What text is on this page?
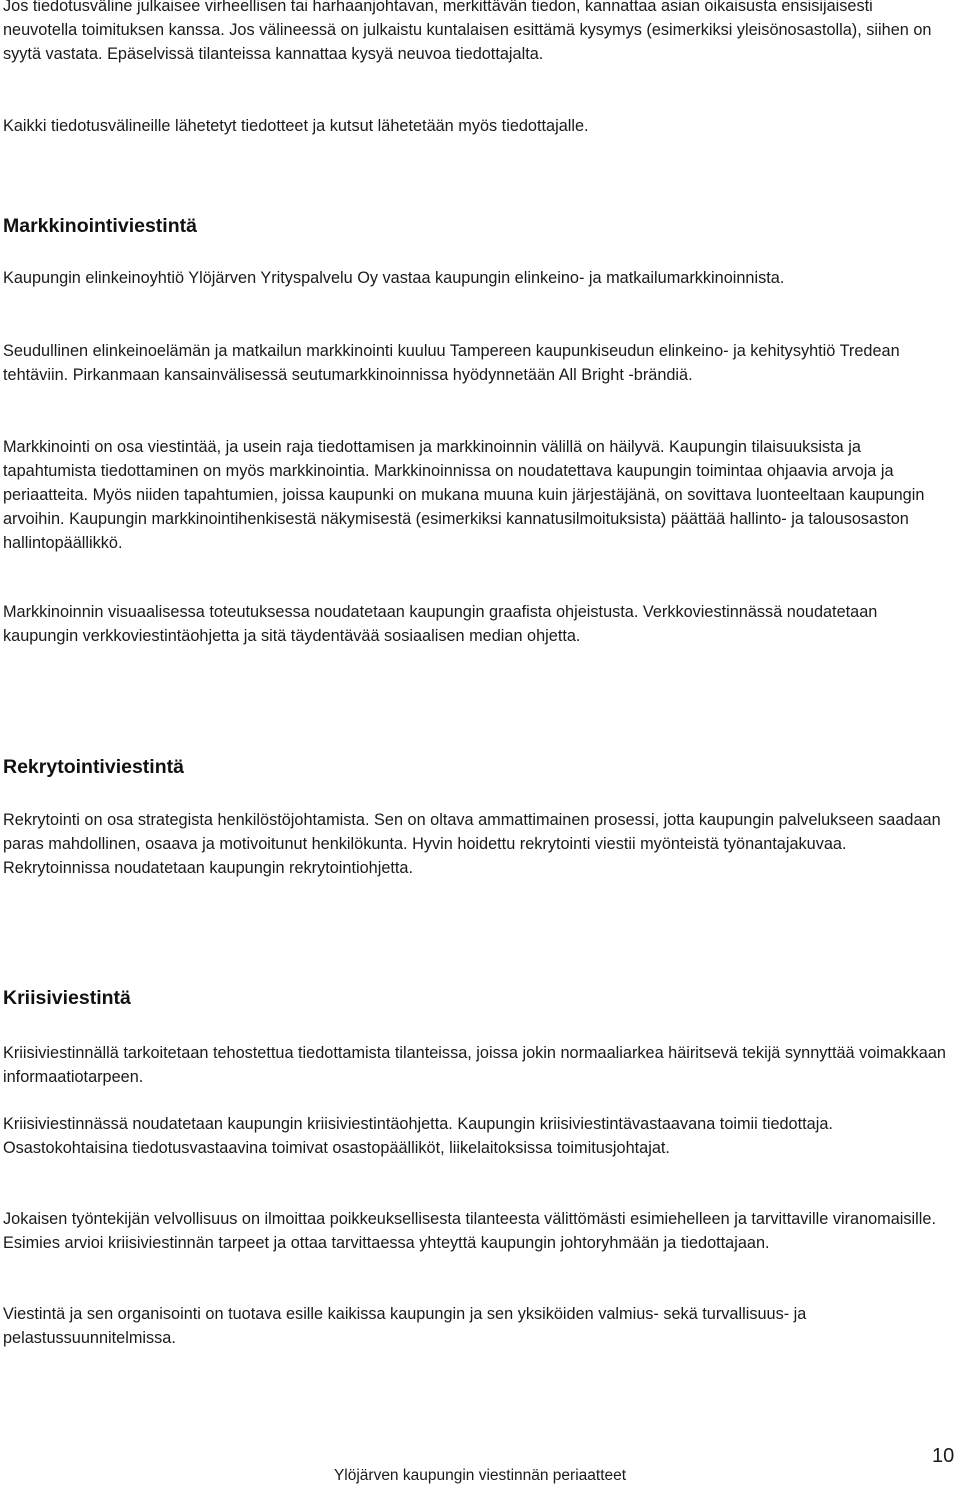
Jos tiedotusväline julkaisee virheellisen tai harhaanjohtavan, merkittävän tiedon, kannattaa asian oikaisusta ensisijaisesti neuvotella toimituksen kanssa. Jos välineessä on julkaistu kuntalaisen esittämä kysymys (esimerkiksi yleisönosastolla), siihen on syytä vastata. Epäselvissä tilanteissa kannattaa kysyä neuvoa tiedottajalta.

Kaikki tiedotusvälineille lähetetyt tiedotteet ja kutsut lähetetään myös tiedottajalle.

Markkinointiviestintä

Kaupungin elinkeinoyhtiö Ylöjärven Yrityspalvelu Oy vastaa kaupungin elinkeino- ja matkailumarkkinoinnista.

Seudullinen elinkeinoelämän ja matkailun markkinointi kuuluu Tampereen kaupunkiseudun elinkeino- ja kehitysyhtiö Tredean tehtäviin. Pirkanmaan kansainvälisessä seutumarkkinoinnissa hyödynnetään All Bright -brändiä.

Markkinointi on osa viestintää, ja usein raja tiedottamisen ja markkinoinnin välillä on häilyvä. Kaupungin tilaisuuksista ja tapahtumista tiedottaminen on myös markkinointia. Markkinoinnissa on noudatettava kaupungin toimintaa ohjaavia arvoja ja periaatteita. Myös niiden tapahtumien, joissa kaupunki on mukana muuna kuin järjestäjänä, on sovittava luonteeltaan kaupungin arvoihin. Kaupungin markkinointihenkisestä näkymisestä (esimerkiksi kannatusilmoituksista) päättää hallinto- ja talousosaston hallintopäällikkö.

Markkinoinnin visuaalisessa toteutuksessa noudatetaan kaupungin graafista ohjeistusta. Verkkoviestinnässä noudatetaan kaupungin verkkoviestintäohjetta ja sitä täydentävää sosiaalisen median ohjetta.

Rekrytointiviestintä

Rekrytointi on osa strategista henkilöstöjohtamista. Sen on oltava ammattimainen prosessi, jotta kaupungin palvelukseen saadaan paras mahdollinen, osaava ja motivoitunut henkilökunta. Hyvin hoidettu rekrytointi viestii myönteistä työnantajakuvaa. Rekrytoinnissa noudatetaan kaupungin rekrytointiohjetta.

Kriisiviestintä

Kriisiviestinnällä tarkoitetaan tehostettua tiedottamista tilanteissa, joissa jokin normaaliarkea häiritsevä tekijä synnyttää voimakkaan informaatiotarpeen.

Kriisiviestinnässä noudatetaan kaupungin kriisiviestintäohjetta. Kaupungin kriisiviestintävastaavana toimii tiedottaja. Osastokohtaisina tiedotusvastaavina toimivat osastopäälliköt, liikelaitoksissa toimitusjohtajat.

Jokaisen työntekijän velvollisuus on ilmoittaa poikkeuksellisesta tilanteesta välittömästi esimiehelleen ja tarvittaville viranomaisille. Esimies arvioi kriisiviestinnän tarpeet ja ottaa tarvittaessa yhteyttä kaupungin johtoryhmään ja tiedottajaan.

Viestintä ja sen organisointi on tuotava esille kaikissa kaupungin ja sen yksiköiden valmius- sekä turvallisuus- ja pelastussuunnitelmissa.

10
Ylöjärven kaupungin viestinnän periaatteet
